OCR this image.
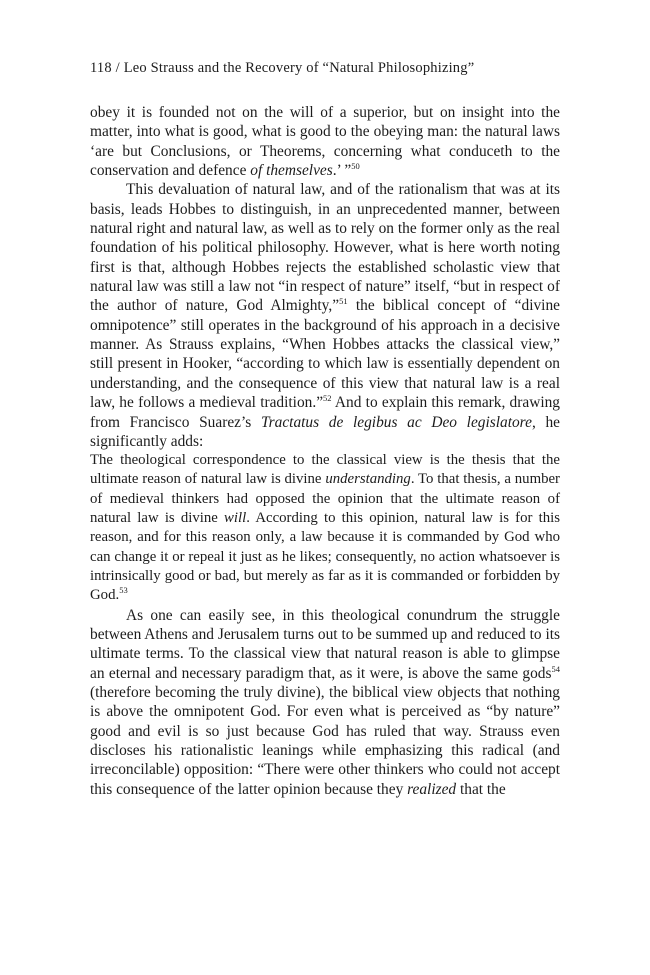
118 / Leo Strauss and the Recovery of “Natural Philosophizing”

obey it is founded not on the will of a superior, but on insight into the matter, into what is good, what is good to the obeying man: the natural laws ‘are but Conclusions, or Theorems, concerning what conduceth to the conservation and defence of themselves.’ ”$^{50}$

This devaluation of natural law, and of the rationalism that was at its basis, leads Hobbes to distinguish, in an unprecedented manner, between natural right and natural law, as well as to rely on the former only as the real foundation of his political philosophy. However, what is here worth noting first is that, although Hobbes rejects the established scholastic view that natural law was still a law not “in respect of nature” itself, “but in respect of the author of nature, God Almighty,”$^{51}$ the biblical concept of “divine omnipotence” still operates in the background of his approach in a decisive manner. As Strauss explains, “When Hobbes attacks the classical view,” still present in Hooker, “according to which law is essentially dependent on understanding, and the consequence of this view that natural law is a real law, he follows a medieval tradition.”$^{52}$ And to explain this remark, drawing from Francisco Suarez’s Tractatus de legibus ac Deo legislatore, he significantly adds:

The theological correspondence to the classical view is the thesis that the ultimate reason of natural law is divine understanding. To that thesis, a number of medieval thinkers had opposed the opinion that the ultimate reason of natural law is divine will. According to this opinion, natural law is for this reason, and for this reason only, a law because it is commanded by God who can change it or repeal it just as he likes; consequently, no action whatsoever is intrinsically good or bad, but merely as far as it is commanded or forbidden by God.$^{53}$

As one can easily see, in this theological conundrum the struggle between Athens and Jerusalem turns out to be summed up and reduced to its ultimate terms. To the classical view that natural reason is able to glimpse an eternal and necessary paradigm that, as it were, is above the same gods$^{54}$ (therefore becoming the truly divine), the biblical view objects that nothing is above the omnipotent God. For even what is perceived as “by nature” good and evil is so just because God has ruled that way. Strauss even discloses his rationalistic leanings while emphasizing this radical (and irreconcilable) opposition: “There were other thinkers who could not accept this consequence of the latter opinion because they realized that the
